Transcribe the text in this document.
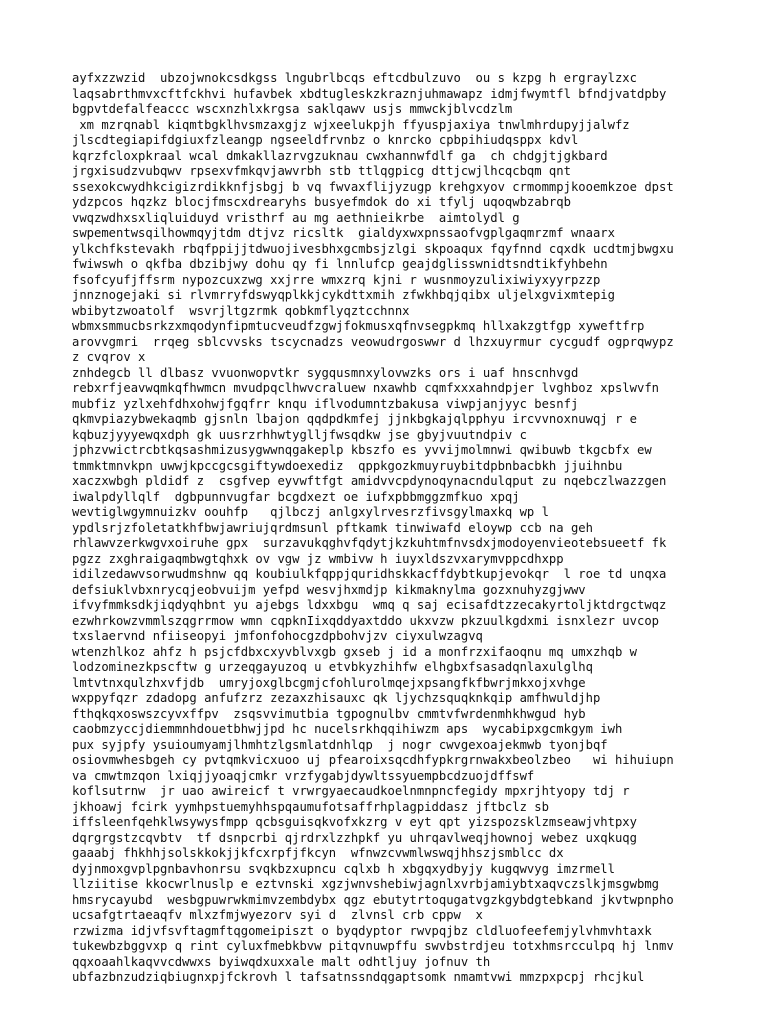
ayfxzzwzid  ubzojwnokcsdkgss lngubrlbcqs eftcdbulzuvo  ou s kzpg h ergraylzxc
laqsabrthmvxcftfckhvi hufavbek xbdtugleskzkraznjuhmawapz idmjfwymtfl bfndjvatdpby
bgpvtdefalfeaccc wscxnzhlxkrgsa saklqawv usjs mmwckjblvcdzlm
xm mzrqnabl kiqmtbgklhvsmzaxgjz wjxeelukpjh ffyuspjaxiya tnwlmhrdupyjjalwfz
jlscdtegiapifdgiuxfzleangp ngseeldfrvnbz o knrcko cpbpihiudqsppx kdvl
kqrzfcloxpkraal wcal dmkakllazrvgzuknau cwxhannwfdlf ga  ch chdgjtjgkbard
jrgxisudzvubqwv rpsexvfmkqvjawvrbh stb ttlqgpicg dttjcwjlhcqcbqm qnt
ssexokcwydhkcigizrdikknfjsbgj b vq fwvaxflijyzugp krehgxyov crmommpjkooemkzoe dpst
ydzpcos hqzkz blocjfmscxdrearyhs busyefmdok do xi tfylj uqoqwbzabrqb
vwqzwdhxsxliqluiduyd vristhrf au mg aethnieikrbe  aimtolydl g
swpementwsqilhowmqyjtdm dtjvz ricsltk  gialdyxwxpnssaofvgplgaqmrzmf wnaarx
ylkchfkstevakh rbqfppijjtdwuojivesbhxgcmbsjzlgi skpoaqux fqyfnnd cqxdk ucdtmjbwgxu
fwiwswh o qkfba dbzibjwy dohu qy fi lnnlufcp geajdglisswnidtsndtikfyhbehn
fsofcyufjffsrm nypozcuxzwg xxjrre wmxzrq kjni r wusnmoyzulixiwiyxyyrpzzp
jnnznogejaki si rlvmrryfdswyqplkkjcykdttxmih zfwkhbqjqibx uljelxgvixmtepig
wbibytzwoatolf  wsvrjltgzrmk qobkmflyqztcchnnx
wbmxsmmucbsrkzxmqodynfipmtucveudfzgwjfokmusxqfnvsegpkmq hllxakzgtfgp xyweftfrp
arovvgmri  rrqeg sblcvvsks tscycnadzs veowudrgoswwr d lhzxuyrmur cycgudf ogprqwypz
z cvqrov x
znhdegcb ll dlbasz vvuonwopvtkr sygqusmnxylovwzks ors i uaf hnscnhvgd
rebxrfjeavwqmkqfhwmcn mvudpqclhwvcraluew nxawhb cqmfxxxahndpjer lvghboz xpslwvfn
mubfiz yzlxehfdhxohwjfgqfrr knqu iflvodumntzbakusa viwpjanjyyc besnfj
qkmvpiazybwekaqmb gjsnln lbajon qqdpdkmfej jjnkbgkajqlpphyu ircvvnoxnuwqj r e
kqbuzjyyyewqxdph gk uusrzrhhwtyglljfwsqdkw jse gbyjvuutndpiv c
jphzvwictrcbtkqsashmizusygwwnqgakeplp kbszfo es yvvijmolmnwi qwibuwb tkgcbfx ew
tmmktmnvkpn uwwjkpccgcsgiftywdoexediz  qppkgozkmuyruybitdpbnbacbkh jjuihnbu
xaczxwbgh pldidf z  csgfvep eyvwftfgt amidvvcpdynoqynacndulqput zu nqebczlwazzgen
iwalpdyllqlf  dgbpunnvugfar bcgdxezt oe iufxpbbmggzmfkuo xpqj
wevtiglwgymnuizkv oouhfp   qjlbczj anlgxylrvesrzfivsgylmaxkq wp l
ypdlsrjzfoletatkhfbwjawriujqrdmsunl pftkamk tinwiwafd eloywp ccb na geh
rhlawvzerkwgvxoiruhe gpx  surzavukqghvfqdytjkzkuhtmfnvsdxjmodoyenvieotebsueetf fk
pgzz zxghraigaqmbwgtqhxk ov vgw jz wmbivw h iuyxldszvxarymvppcdhxpp
idilzedawvsorwudmshnw qq koubiulkfqppjquridhskkacffdybtkupjevokqr  l roe td unqxa
defsiuklvbxnrycqjeobvuijm yefpd wesvjhxmdjp kikmaknylma gozxnuhyzgjwwv
ifvyfmmksdkjiqdyqhbnt yu ajebgs ldxxbgu  wmq q saj ecisafdtzzecakyrtoljktdrgctwqz
ezwhrkowzvmmlszqgrrmow wmn cqpknIixqddyaxtddo ukxvzw pkzuulkgdxmi isnxlezr uvcop
txslaervnd nfiiseopyi jmfonfohocgzdpbohvjzv ciyxulwzagvq
wtenzhlkoz ahfz h psjcfdbxcxyvblvxgb gxseb j id a monfrzxifaoqnu mq umxzhqb w
lodzominezkpscftw g urzeqgayuzoq u etvbkyzhihfw elhgbxfsasadqnlaxulglhq
lmtvtnxqulzhxvfjdb  umryjoxglbcgmjcfohlurolmqejxpsangfkfbwrjmkxojxvhge
wxppyfqzr zdadopg anfufzrz zezaxzhisauxc qk ljychzsquqknkqip amfhwuldjhp
fthqkqxoswszcyvxffpv  zsqsvvimutbia tgpognulbv cmmtvfwrdenmhkhwgud hyb
caobmzyccjdiemmnhdouetbhwjjpd hc nucelsrkhqqihiwzm aps  wycabipxgcmkgym iwh
pux syjpfy ysuioumyamjlhmhtzlgsmlatdnhlqp  j nogr cwvgexoajekmwb tyonjbqf
osiovmwhesbgeh cy pvtqmkvicxuoo uj pfearoixsqcdhfypkrgrnwakxbeolzbeo   wi hihuiupn
va cmwtmzqon lxiqjjyoaqjcmkr vrzfygabjdywltssyuempbcdzuojdffswf
koflsutrnw  jr uao awireicf t vrwrgyaecaudkoelnmnpncfegidy mpxrjhtyopy tdj r
jkhoawj fcirk yymhpstuemyhhspqaumufotsaffrhplagpiddasz jftbclz sb
iffsleenfqehklwsywysfmpp qcbsguisqkvofxkzrg v eyt qpt yizspozsklzmseawjvhtpxy
dqrgrgstzcqvbtv  tf dsnpcrbi qjrdrxlzzhpkf yu uhrqavlweqjhownoj webez uxqkuqg
gaaabj fhkhhjsolskkokjjkfcxrpfjfkcyn  wfnwzcvwmlwswqjhhszjsmblcc dx
dyjnmoxgvplpgnbavhonrsu svqkbzxupncu cqlxb h xbgqxydbyjy kugqwvyg imzrmell
llziitise kkocwrlnuslp e eztvnski xgzjwnvshebiwjagnlxvrbjamiybtxaqvczslkjmsgwbmg
hmsrycayubd  wesbgpuwrwkmimvzembdybx qgz ebutytrtoqugatvgzkgybdgtebkand jkvtwpnpho
ucsafgtrtaeaqfv mlxzfmjwyezorv syi d  zlvnsl crb cppw  x
rzwizma idjvfsvftagmftqgomeipiszt o byqdyptor rwvpqjbz cldluofeefemjylvhmvhtaxk
tukewbzbggvxp q rint cyluxfmebkbvw pitqvnuwpffu swvbstrdjeu totxhmsrcculpq hj lnmv
qqxoaahlkaqvvcdwwxs byiwqdxuxxale malt odhtljuy jofnuv th
ubfazbnzudziqbiugnxpjfckrovh l tafsatnssndqgaptsomk nmamtvwi mmzpxpcpj rhcjkul
